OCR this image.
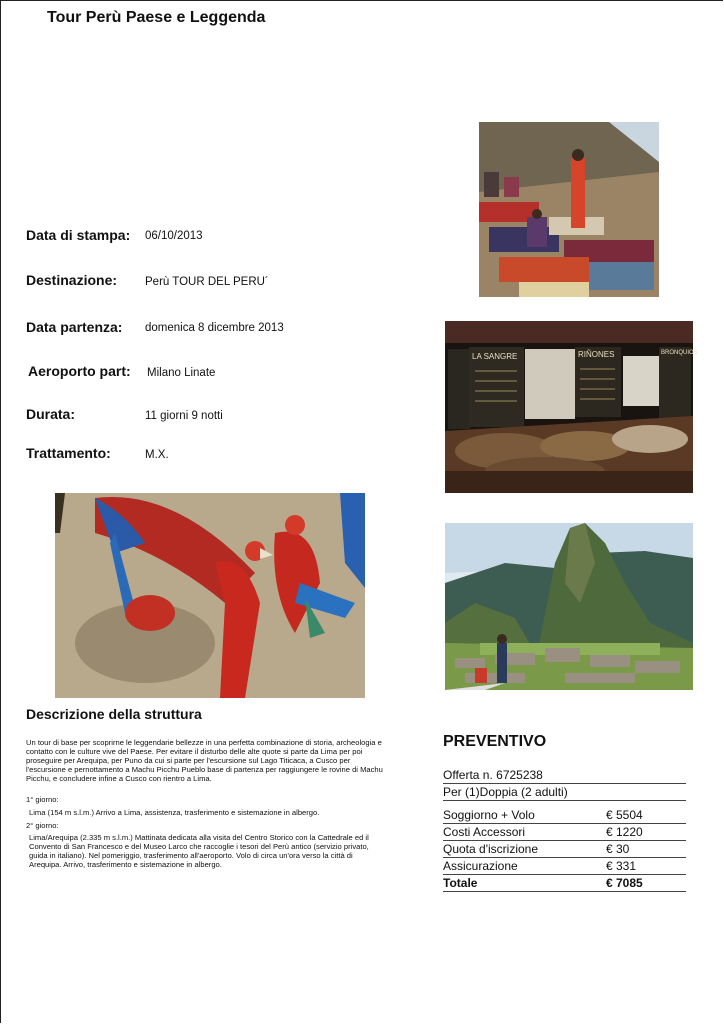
Tour Perù Paese e Leggenda
Data di stampa: 06/10/2013
Destinazione: Perù TOUR DEL PERU´
Data partenza: domenica 8 dicembre 2013
Aeroporto part: Milano Linate
Durata:	11 giorni 9 notti
Trattamento:	M.X.
LA SANGRE	RIÑONES	BRONQUIOS
Descrizione della struttura
Un tour di base per scoprirne le leggendarie bellezze in una perfetta combinazione di storia, archeologia e contatto con le culture vive del Paese. Per evitare il disturbo delle alte quote si parte da Lima per poi proseguire per Arequipa, per Puno da cui si parte per l'escursione sul Lago Titicaca, a Cusco per l'escursione e pernottamento a Machu Picchu Pueblo base di partenza per raggiungere le rovine di Machu Picchu, e concludere infine a Cusco con rientro a Lima.
1° giorno:
Lima (154 m s.l.m.) Arrivo a Lima, assistenza, trasferimento e sistemazione in albergo.
2° giorno:
Lima/Arequipa (2.335 m s.l.m.) Mattinata dedicata alla visita del Centro Storico con la Cattedrale ed il Convento di San Francesco e del Museo Larco che raccoglie i tesori del Perù antico (servizio privato, guida in italiano). Nel pomeriggio, trasferimento all'aeroporto. Volo di circa un'ora verso la città di Arequipa. Arrivo, trasferimento e sistemazione in albergo.
PREVENTIVO
Offerta n. 6725238
Per (1)Doppia (2 adulti)
Soggiorno + Volo	€ 5504
Costi Accessori	€ 1220
Quota d'iscrizione	€ 30
Assicurazione	€ 331
Totale	€ 7085
